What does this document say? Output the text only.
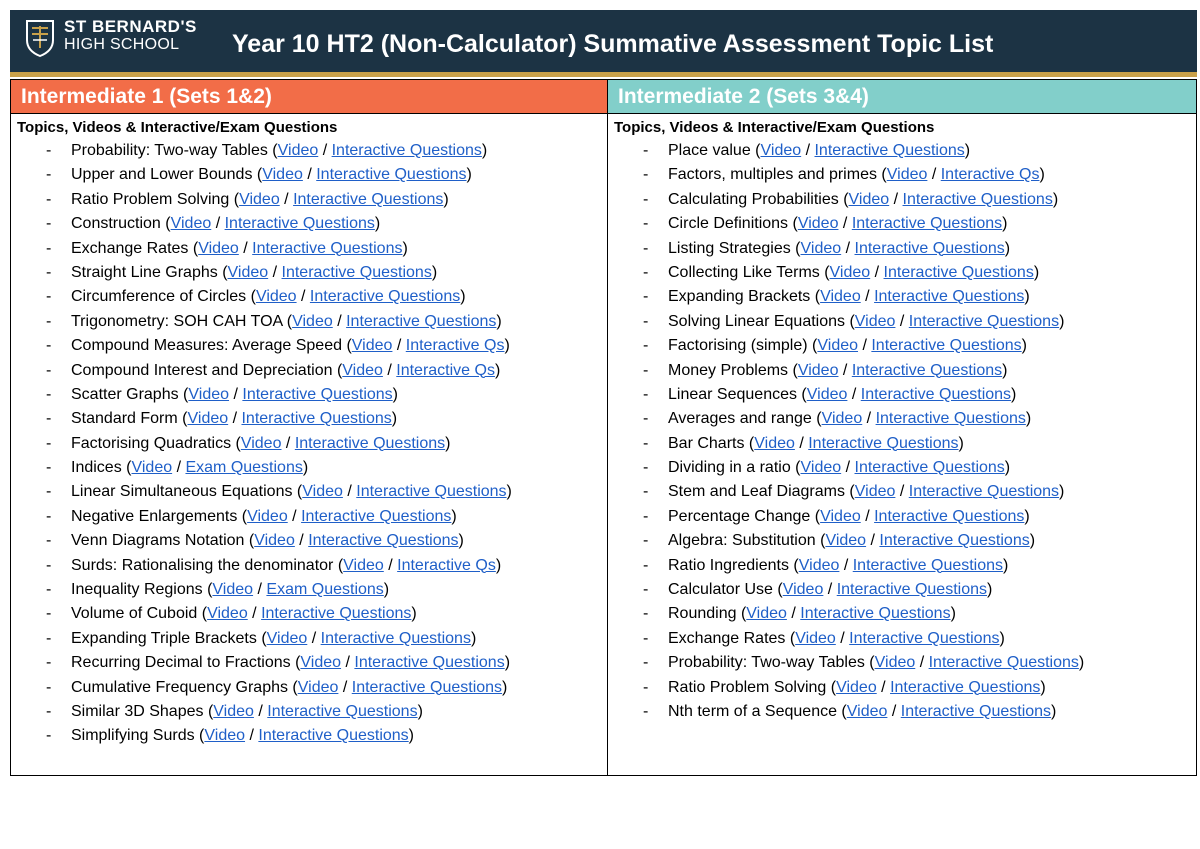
ST BERNARD'S
HIGH SCHOOL	Year 10 HT2 (Non-Calculator) Summative Assessment Topic List
Intermediate 1 (Sets 1&2)
Topics, Videos & Interactive/Exam Questions
- Probability: Two-way Tables (Video / Interactive Questions)
- Upper and Lower Bounds (Video / Interactive Questions)
- Ratio Problem Solving (Video / Interactive Questions)
- Construction (Video / Interactive Questions)
- Exchange Rates (Video / Interactive Questions)
- Straight Line Graphs (Video / Interactive Questions)
- Circumference of Circles (Video / Interactive Questions)
- Trigonometry: SOH CAH TOA (Video / Interactive Questions)
- Compound Measures: Average Speed (Video / Interactive Qs)
- Compound Interest and Depreciation (Video / Interactive Qs)
- Scatter Graphs (Video / Interactive Questions)
- Standard Form (Video / Interactive Questions)
- Factorising Quadratics (Video / Interactive Questions)
- Indices (Video / Exam Questions)
- Linear Simultaneous Equations (Video / Interactive Questions)
- Negative Enlargements (Video / Interactive Questions)
- Venn Diagrams Notation (Video / Interactive Questions)
- Surds: Rationalising the denominator (Video / Interactive Qs)
- Inequality Regions (Video / Exam Questions)
- Volume of Cuboid (Video / Interactive Questions)
- Expanding Triple Brackets (Video / Interactive Questions)
- Recurring Decimal to Fractions (Video / Interactive Questions)
- Cumulative Frequency Graphs (Video / Interactive Questions)
- Similar 3D Shapes (Video / Interactive Questions)
- Simplifying Surds (Video / Interactive Questions)
Intermediate 2 (Sets 3&4)
Topics, Videos & Interactive/Exam Questions
- Place value (Video / Interactive Questions)
- Factors, multiples and primes (Video / Interactive Qs)
- Calculating Probabilities (Video / Interactive Questions)
- Circle Definitions (Video / Interactive Questions)
- Listing Strategies (Video / Interactive Questions)
- Collecting Like Terms (Video / Interactive Questions)
- Expanding Brackets (Video / Interactive Questions)
- Solving Linear Equations (Video / Interactive Questions)
- Factorising (simple) (Video / Interactive Questions)
- Money Problems (Video / Interactive Questions)
- Linear Sequences (Video / Interactive Questions)
- Averages and range (Video / Interactive Questions)
- Bar Charts (Video / Interactive Questions)
- Dividing in a ratio (Video / Interactive Questions)
- Stem and Leaf Diagrams (Video / Interactive Questions)
- Percentage Change (Video / Interactive Questions)
- Algebra: Substitution (Video / Interactive Questions)
- Ratio Ingredients (Video / Interactive Questions)
- Calculator Use (Video / Interactive Questions)
- Rounding (Video / Interactive Questions)
- Exchange Rates (Video / Interactive Questions)
- Probability: Two-way Tables (Video / Interactive Questions)
- Ratio Problem Solving (Video / Interactive Questions)
- Nth term of a Sequence (Video / Interactive Questions)
